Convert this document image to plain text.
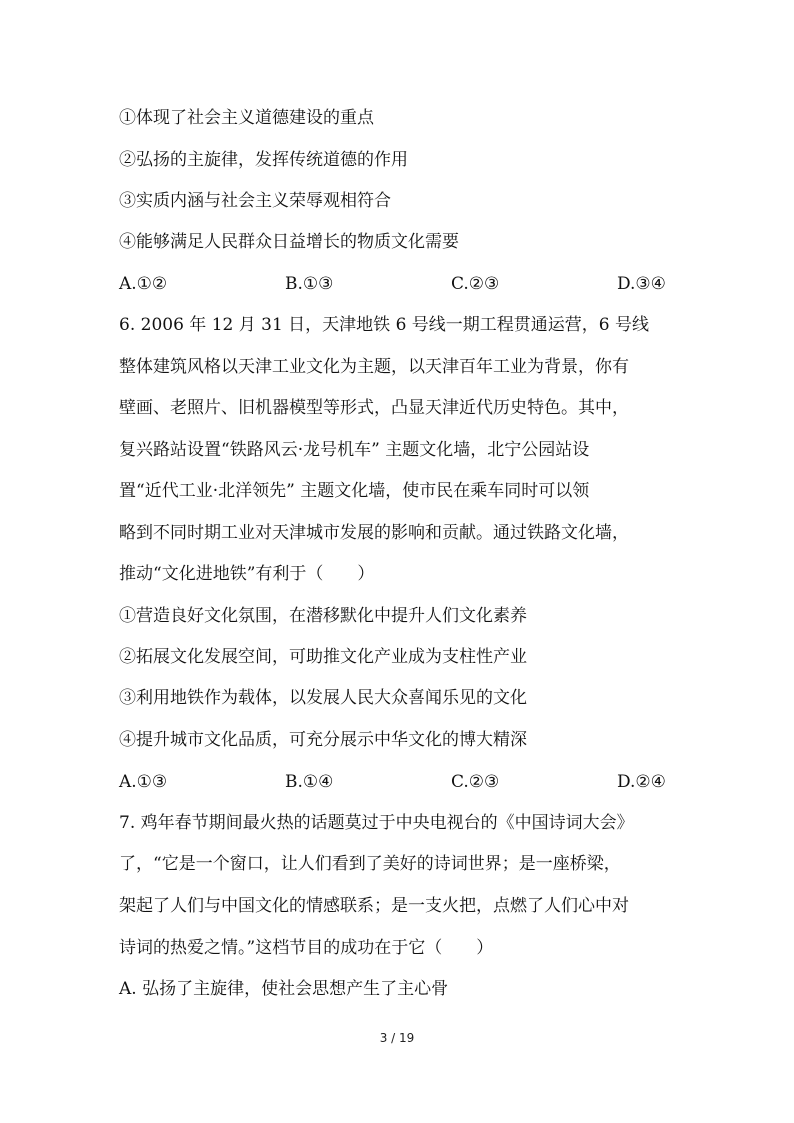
①体现了社会主义道德建设的重点
②弘扬的主旋律，发挥传统道德的作用
③实质内涵与社会主义荣辱观相符合
④能够满足人民群众日益增长的物质文化需要
A.①②	B.①③	C.②③	D.③④
6. 2006 年 12 月 31 日，天津地铁 6 号线一期工程贯通运营，6 号线
整体建筑风格以天津工业文化为主题，以天津百年工业为背景，你有
壁画、老照片、旧机器模型等形式，凸显天津近代历史特色。其中，
复兴路站设置“铁路风云·龙号机车” 主题文化墙，北宁公园站设
置“近代工业·北洋领先” 主题文化墙，使市民在乘车同时可以领
略到不同时期工业对天津城市发展的影响和贡献。通过铁路文化墙，
推动“文化进地铁”有利于（　　）
①营造良好文化氛围，在潜移默化中提升人们文化素养
②拓展文化发展空间，可助推文化产业成为支柱性产业
③利用地铁作为载体，以发展人民大众喜闻乐见的文化
④提升城市文化品质，可充分展示中华文化的博大精深
A.①③	B.①④	C.②③	D.②④
7. 鸡年春节期间最火热的话题莫过于中央电视台的《中国诗词大会》
了，“它是一个窗口，让人们看到了美好的诗词世界；是一座桥梁，
架起了人们与中国文化的情感联系；是一支火把，点燃了人们心中对
诗词的热爱之情。”这档节目的成功在于它（　　）
A. 弘扬了主旋律，使社会思想产生了主心骨
3 / 19
